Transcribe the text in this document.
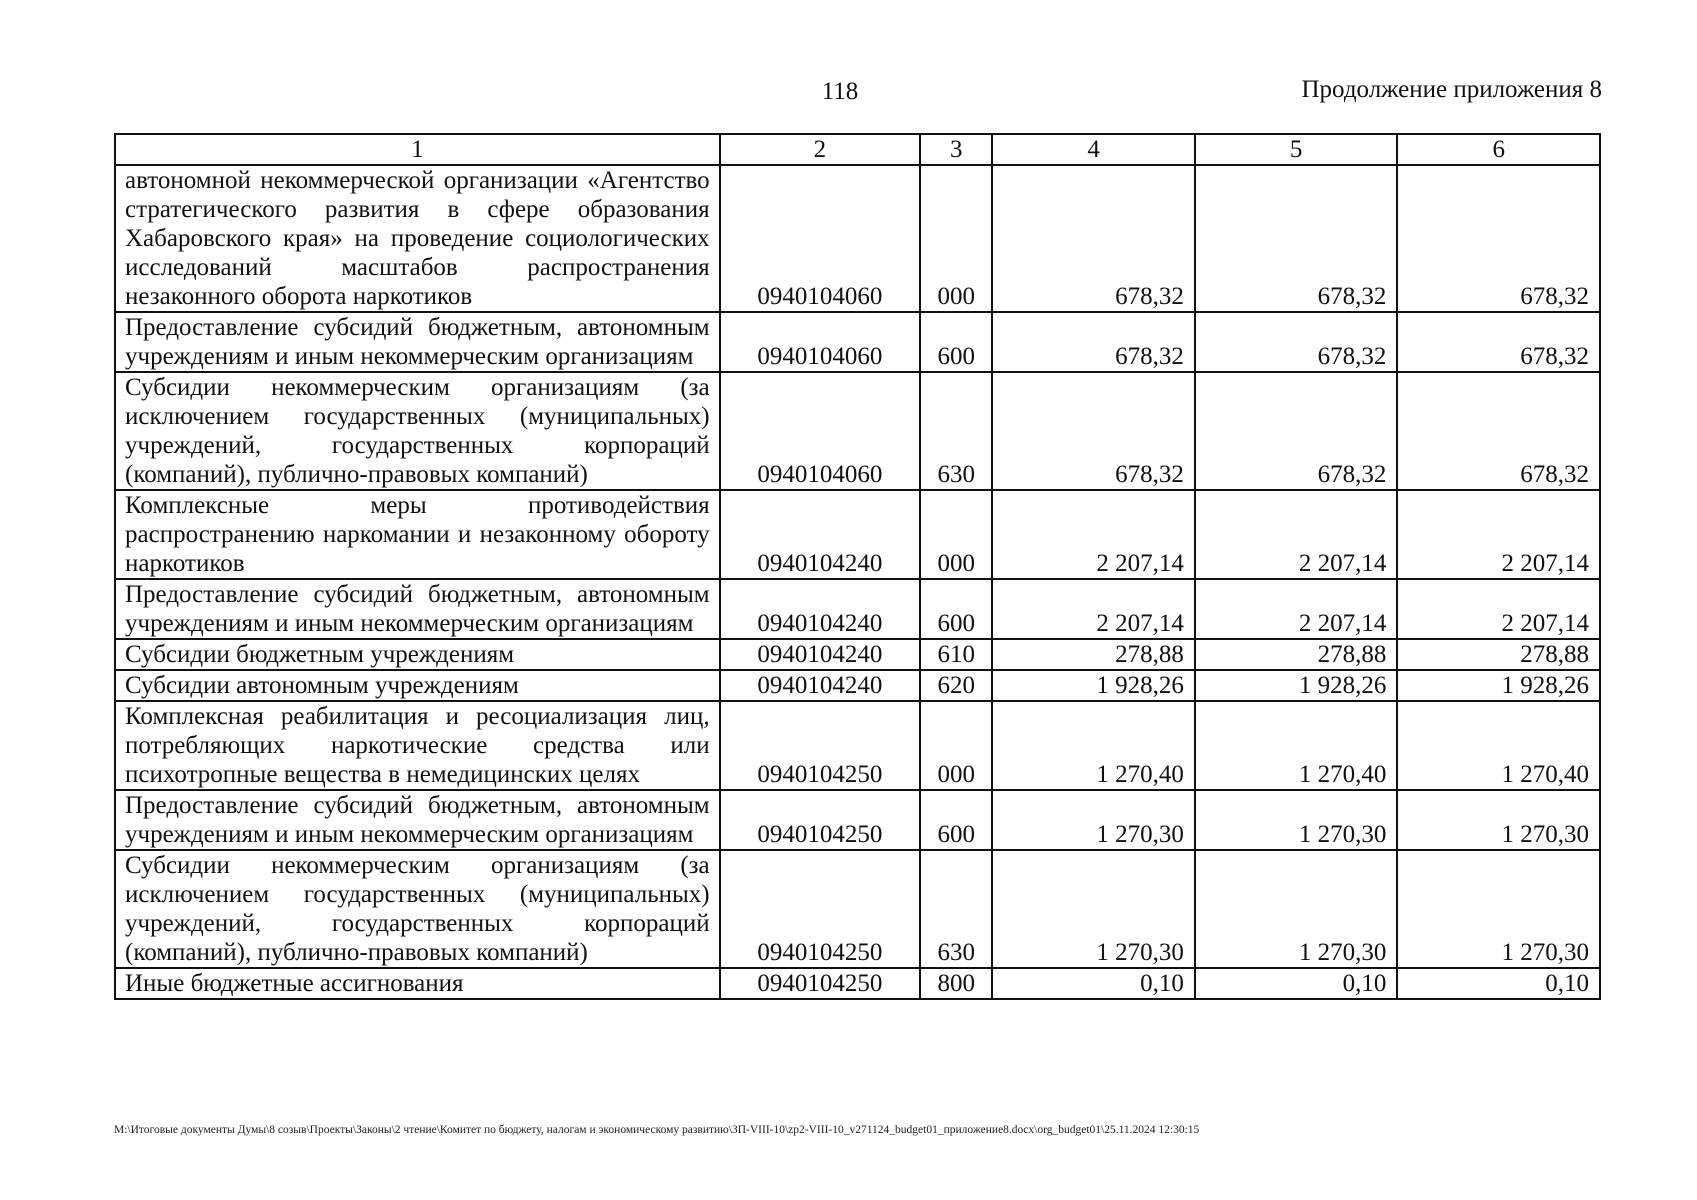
118	Продолжение приложения 8
1	2	3	4	5	6
автономной некоммерческой организации «Агентство стратегического развития в сфере образования Хабаровского края» на проведение социологических исследований масштабов распространения незаконного оборота наркотиков	0940104060	000	678,32	678,32	678,32
Предоставление субсидий бюджетным, автономным учреждениям и иным некоммерческим организациям	0940104060	600	678,32	678,32	678,32
Субсидии некоммерческим организациям (за исключением государственных (муниципальных) учреждений, государственных корпораций (компаний), публично-правовых компаний)	0940104060	630	678,32	678,32	678,32
Комплексные меры противодействия распространению наркомании и незаконному обороту наркотиков	0940104240	000	2 207,14	2 207,14	2 207,14
Предоставление субсидий бюджетным, автономным учреждениям и иным некоммерческим организациям	0940104240	600	2 207,14	2 207,14	2 207,14
Субсидии бюджетным учреждениям	0940104240	610	278,88	278,88	278,88
Субсидии автономным учреждениям	0940104240	620	1 928,26	1 928,26	1 928,26
Комплексная реабилитация и ресоциализация лиц, потребляющих наркотические средства или психотропные вещества в немедицинских целях	0940104250	000	1 270,40	1 270,40	1 270,40
Предоставление субсидий бюджетным, автономным учреждениям и иным некоммерческим организациям	0940104250	600	1 270,30	1 270,30	1 270,30
Субсидии некоммерческим организациям (за исключением государственных (муниципальных) учреждений, государственных корпораций (компаний), публично-правовых компаний)	0940104250	630	1 270,30	1 270,30	1 270,30
Иные бюджетные ассигнования	0940104250	800	0,10	0,10	0,10
M:\Итоговые документы Думы\8 созыв\Проекты\Законы\2 чтение\Комитет по бюджету, налогам и экономическому развитию\ЗП-VIII-10\zp2-VIII-10_v271124_budget01_приложение8.docx\org_budget01\25.11.2024 12:30:15
